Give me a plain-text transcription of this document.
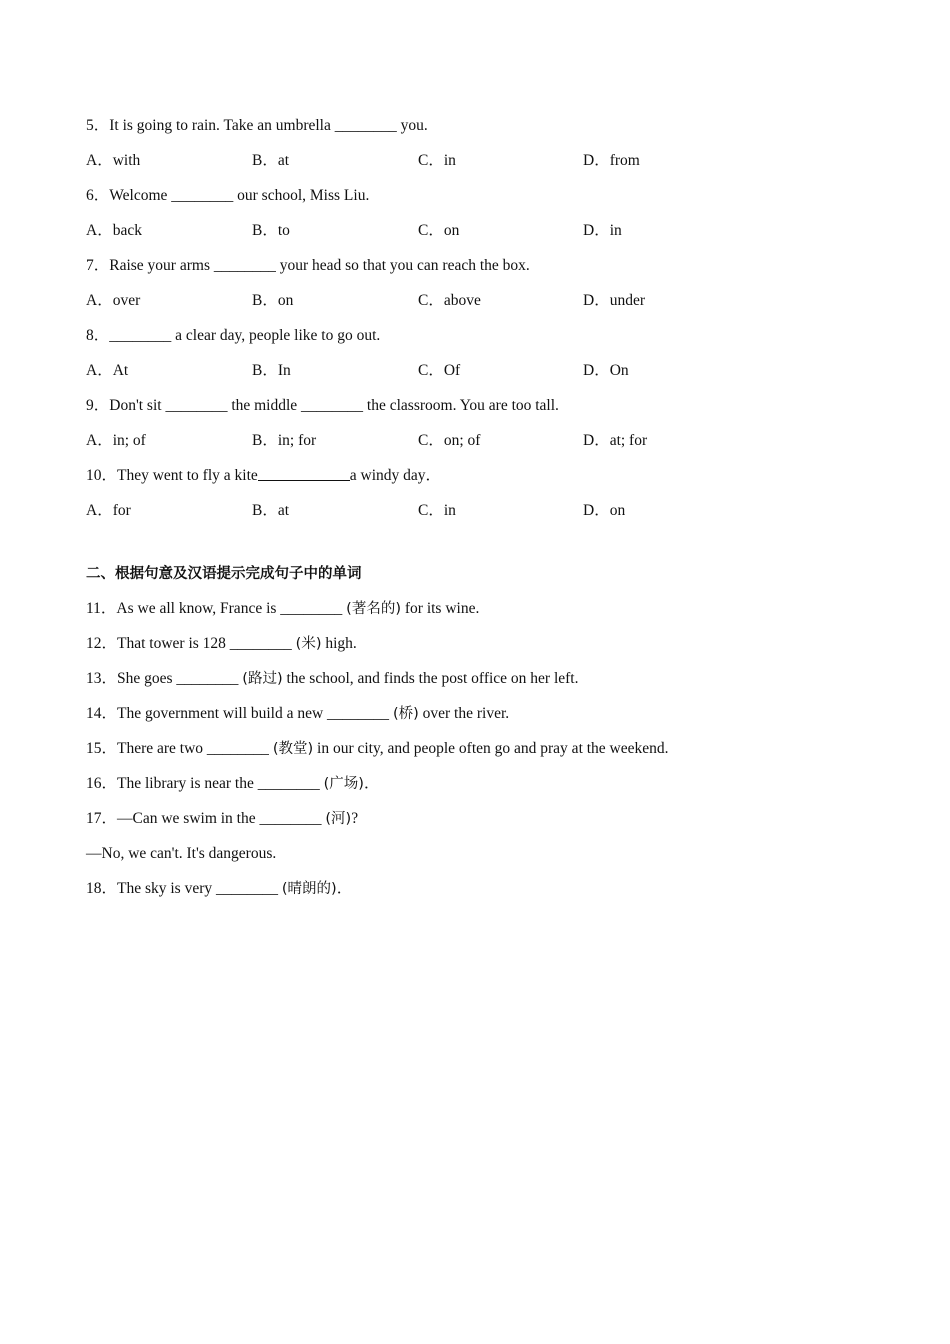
5．It is going to rain. Take an umbrella ________ you.
A．with	B．at	C．in	D．from
6．Welcome ________ our school, Miss Liu.
A．back	B．to	C．on	D．in
7．Raise your arms ________ your head so that you can reach the box.
A．over	B．on	C．above	D．under
8．________ a clear day, people like to go out.
A．At	B．In	C．Of	D．On
9．Don't sit ________ the middle ________ the classroom. You are too tall.
A．in; of	B．in; for	C．on; of	D．at; for
10．They went to fly a kite	a windy day．
A．for	B．at	C．in	D．on
二、根据句意及汉语提示完成句子中的单词
11．As we all know, France is ________ (著名的) for its wine.
12．That tower is 128 ________ (米) high.
13．She goes ________ (路过) the school, and finds the post office on her left.
14．The government will build a new ________ (桥) over the river.
15．There are two ________ (教堂) in our city, and people often go and pray at the weekend.
16．The library is near the ________ (广场)．
17．—Can we swim in the ________ (河)?
—No, we can't. It's dangerous.
18．The sky is very ________ (晴朗的)．
